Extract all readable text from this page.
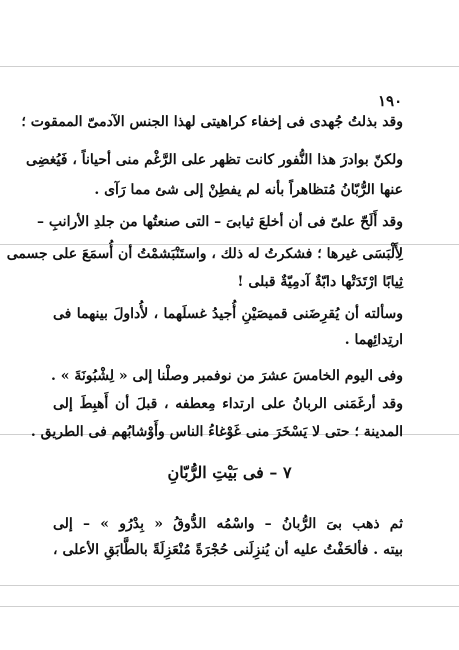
١٩٠
وقد بذلتُ جُهدى فى إخفاء كراهيتى لهذا الجنس الآدمىّ الممقوت ؛
ولكنّ بوادرَ هذا النُّفور كانت تظهر على الرَّغْم منى أحياناً ، فَيُغضِى
عنها الرُّبّانُ مُتظاهراً بأنه لم يفطِنْ إلى شئ مما رَآى .
وقد أَلَحّ علىّ فى أن أخلعَ ثيابىَ – التى صنعتُها من جلدِ الأرانبِ –
لِأَلْبَسَى غيرها ؛ فشكرتُ له ذلك ، واستَنْبَشمْتُ أن أُسمَعَ على جسمى
ثِيابًا ارْتَدَتْها دابّةٌ آدمِيّةٌ قبلى !
وسألته أن يُقرِضَنى قميصَيْنِ أُجيدُ غسلَهما ، لأُداولَ بينهما فى
ارتِدائِهما .
وفى اليوم الخامسَ عشرَ من نوفمبر وصلْنا إلى « لِشْبُونَةَ » .
وقد أرغَمَنى الربانُ على ارتداء مِعطفه ، قبلَ أن أَهبِطَ إلى
المدينة ؛ حتى لا يَسْخَرَ منى غَوْغاءُ الناس وأَوْشابُهم فى الطريق .
٧ – فى بَيْتِ الرُّبّانِ
ثم ذهب بىَ الرُّبانُ – واسْمُه الدُّوقُ « بِدْرُو » – إلى
بيته . فألحَفْتُ عليه أن يُنزِلَنى حُجْرَةً مُنْعَزِلَةً بالطَّابَقِ الأعلى ،
